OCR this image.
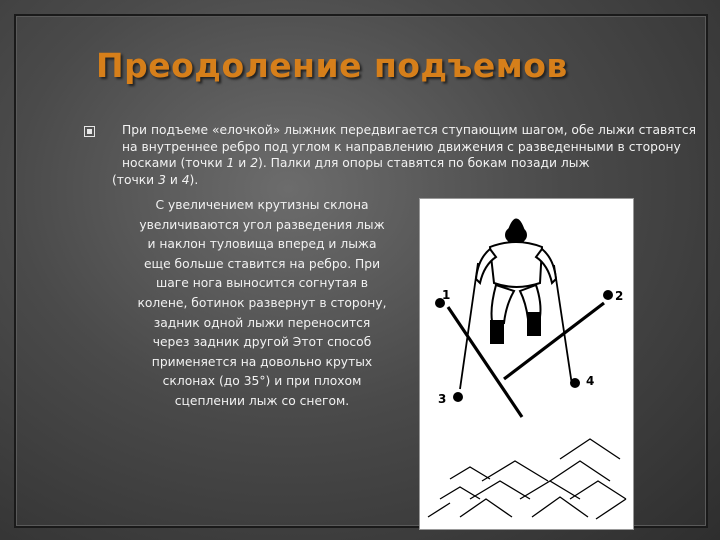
Преодоление подъемов
При подъеме «елочкой» лыжник передвигается ступающим шагом, обе лыжи ставятся на внутреннее ребро под углом к направлению движения с разведенными в сторону носками (точки 1 и 2). Палки для опоры ставятся по бокам позади лыж
(точки 3 и 4).
С увеличением крутизны склона
увеличиваются угол разведения лыж
и наклон туловища вперед и лыжа
еще больше ставится на ребро. При
шаге нога выносится согнутая в
колене, ботинок развернут в сторону,
задник одной лыжи переносится
через задник другой Этот способ
применяется на довольно крутых
склонах (до 35°) и при плохом
сцеплении лыж со снегом.
1	2
3
4
